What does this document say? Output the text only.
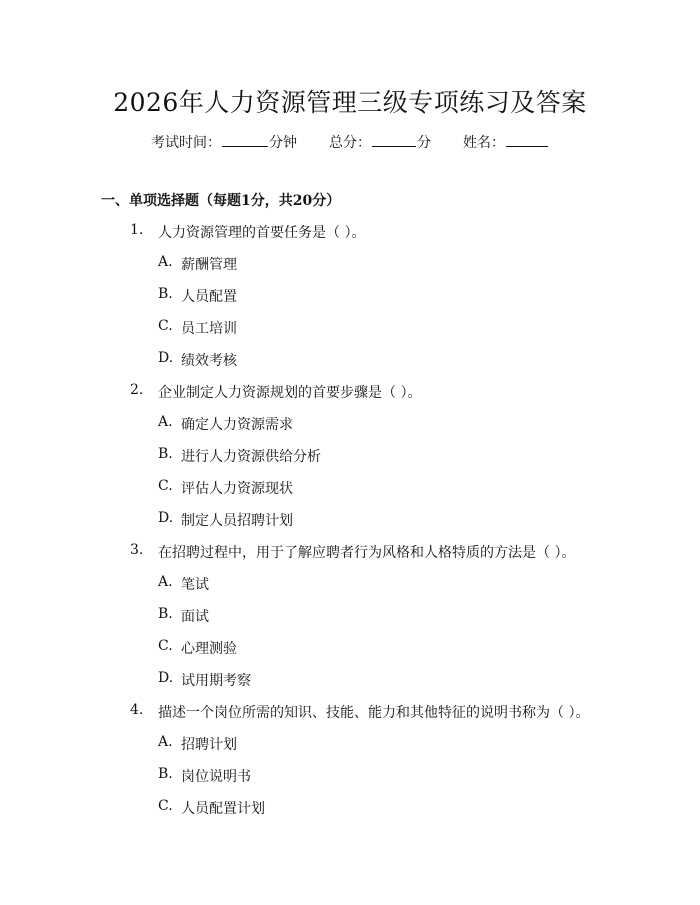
2026年人力资源管理三级专项练习及答案
考试时间：	分钟 总分：	分 姓名：
一、单项选择题（每题1分，共20分）
1. 人力资源管理的首要任务是（ ）。
A. 薪酬管理
B. 人员配置
C. 员工培训
D. 绩效考核
2. 企业制定人力资源规划的首要步骤是（ ）。
A. 确定人力资源需求
B. 进行人力资源供给分析
C. 评估人力资源现状
D. 制定人员招聘计划
3. 在招聘过程中，用于了解应聘者行为风格和人格特质的方法是（ ）。
A. 笔试
B. 面试
C. 心理测验
D. 试用期考察
4. 描述一个岗位所需的知识、技能、能力和其他特征的说明书称为（ ）。
A. 招聘计划
B. 岗位说明书
C. 人员配置计划
